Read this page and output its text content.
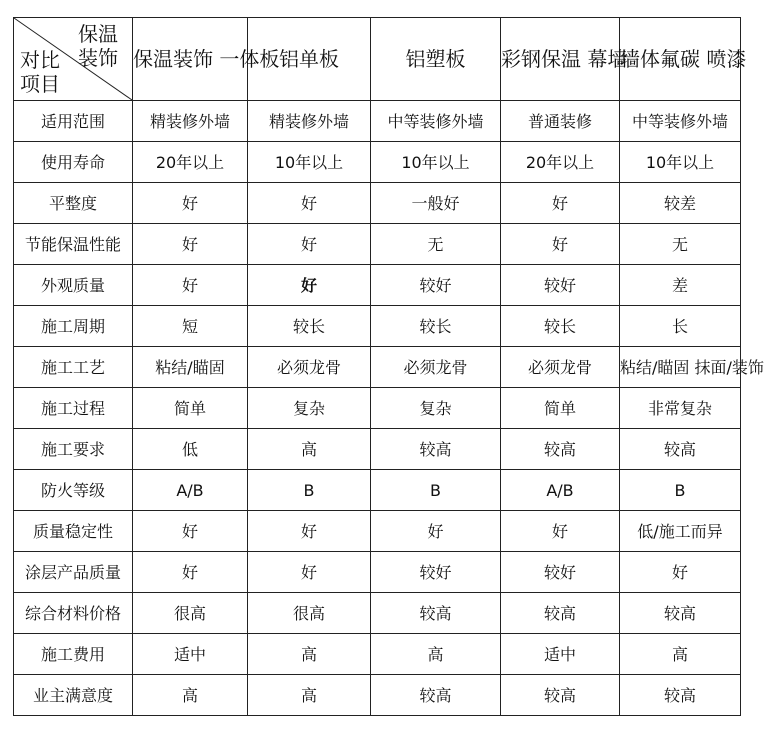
保温装饰
对比项目	保温装饰 一体板	铝单板	铝塑板	彩钢保温 幕墙	墙体氟碳 喷漆
适用范围	精装修外墙	精装修外墙	中等装修外墙	普通装修	中等装修外墙
使用寿命	20年以上	10年以上	10年以上	20年以上	10年以上
平整度	好	好	一般好	好	较差
节能保温性能	好	好	无	好	无
外观质量	好	好	较好	较好	差
施工周期	短	较长	较长	较长	长
施工工艺	粘结/瞄固	必须龙骨	必须龙骨	必须龙骨	粘结/瞄固 抹面/装饰
施工过程	简单	复杂	复杂	简单	非常复杂
施工要求	低	高	较高	较高	较高
防火等级	A/B	B	B	A/B	B
质量稳定性	好	好	好	好	低/施工而异
涂层产品质量	好	好	较好	较好	好
综合材料价格	很高	很高	较高	较高	较高
施工费用	适中	高	高	适中	高
业主满意度	高	高	较高	较高	较高
